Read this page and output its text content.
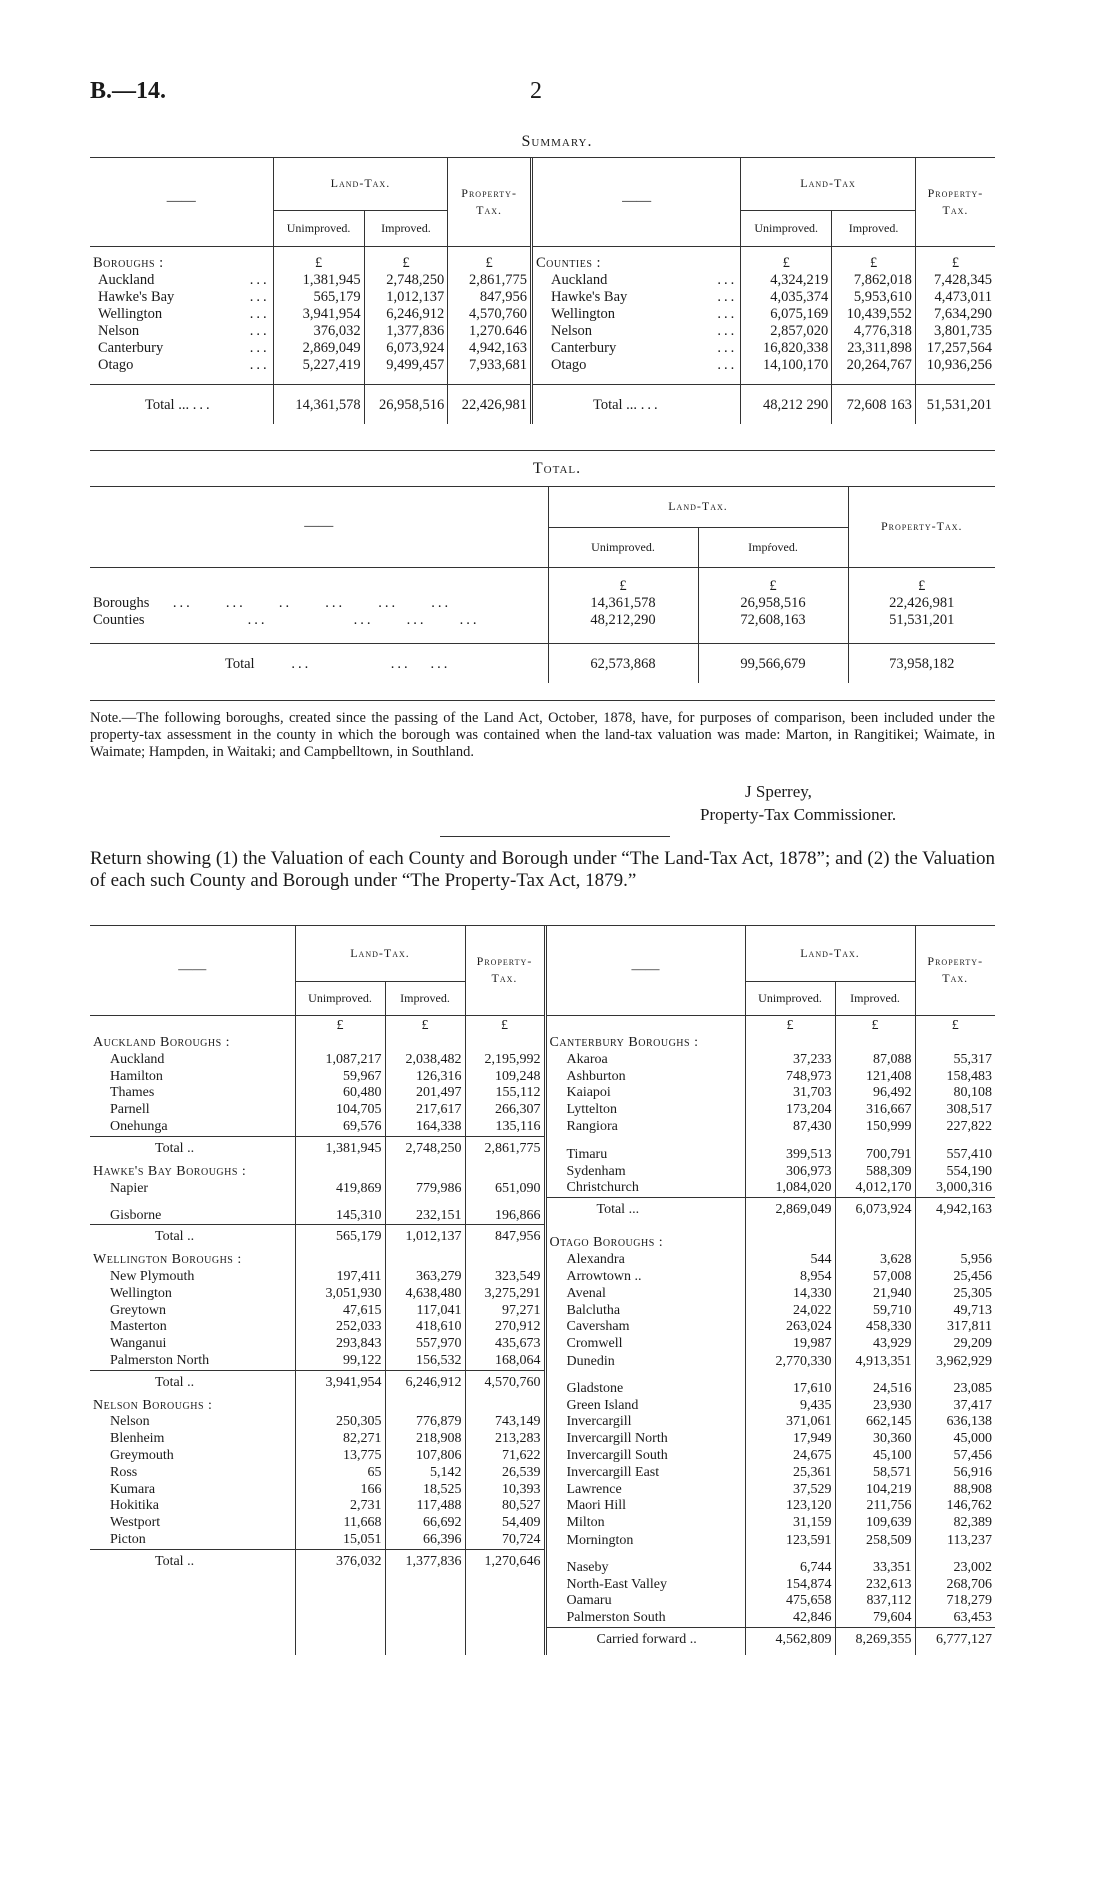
B.—14.	2
Summary.
——		Land-Tax.		Property-Tax.	——		Land-Tax		Property-Tax.
		Unimproved.	Improved.				Unimproved.	Improved.	
Boroughs :		£	£	£	Counties :		£	£	£
Auckland	...	1,381,945	2,748,250	2,861,775	Auckland	...	4,324,219	7,862,018	7,428,345
Hawke's Bay	...	565,179	1,012,137	847,956	Hawke's Bay	...	4,035,374	5,953,610	4,473,011
Wellington	...	3,941,954	6,246,912	4,570,760	Wellington	...	6,075,169	10,439,552	7,634,290
Nelson	...	376,032	1,377,836	1,270.646	Nelson	...	2,857,020	4,776,318	3,801,735
Canterbury	...	2,869,049	6,073,924	4,942,163	Canterbury	...	16,820,338	23,311,898	17,257,564
Otago	...	5,227,419	9,499,457	7,933,681	Otago	...	14,100,170	20,264,767	10,936,256

Total ... ...		14,361,578	26,958,516	22,426,981	Total ... ...		48,212 290	72,608 163	51,531,201

Total.
——	Land-Tax.		Property-Tax.
	Unimproved.	Impŕoved.	
	£	£	£
Boroughs    ...     ...     ..     ...     ...     ...	14,361,578	26,958,516	22,426,981
Counties                ...             ...     ...     ...	48,212,290	72,608,163	51,531,201

Total      ...            ...   ...	62,573,868	99,566,679	73,958,182

Note.—The following boroughs, created since the passing of the Land Act, October, 1878, have, for purposes of comparison, been included under the property-tax assessment in the county in which the borough was contained when the land-tax valuation was made: Marton, in Rangitikei; Waimate, in Waimate; Hampden, in Waitaki; and Campbelltown, in Southland.
J Sperrey,
Property-Tax Commissioner.
Return showing (1) the Valuation of each County and Borough under “The Land-Tax Act, 1878”; and (2) the Valuation of each such County and Borough under “The Property-Tax Act, 1879.”
——	Land-Tax.		Property-Tax.	——	Land-Tax.		Property-Tax.
	Unimproved.	Improved.			Unimproved.	Improved.	
	£	£	£		£	£	£
Auckland Boroughs :				Canterbury Boroughs :			
Auckland	1,087,217	2,038,482	2,195,992	Akaroa	37,233	87,088	55,317
Hamilton	59,967	126,316	109,248	Ashburton	748,973	121,408	158,483
Thames	60,480	201,497	155,112	Kaiapoi	31,703	96,492	80,108
Parnell	104,705	217,617	266,307	Lyttelton	173,204	316,667	308,517
Onehunga	69,576	164,338	135,116	Rangiora	87,430	150,999	227,822
Total ..	1,381,945	2,748,250	2,861,775	Timaru	399,513	700,791	557,410
Hawke's Bay Boroughs :				Sydenham	306,973	588,309	554,190
Napier	419,869	779,986	651,090	Christchurch	1,084,020	4,012,170	3,000,316
Gisborne	145,310	232,151	196,866	Total ...	2,869,049	6,073,924	4,942,163
Total ..	565,179	1,012,137	847,956	Otago Boroughs :			
Wellington Boroughs :				Alexandra	544	3,628	5,956
New Plymouth	197,411	363,279	323,549	Arrowtown ..	8,954	57,008	25,456
Wellington	3,051,930	4,638,480	3,275,291	Avenal	14,330	21,940	25,305
Greytown	47,615	117,041	97,271	Balclutha	24,022	59,710	49,713
Masterton	252,033	418,610	270,912	Caversham	263,024	458,330	317,811
Wanganui	293,843	557,970	435,673	Cromwell	19,987	43,929	29,209
Palmerston North	99,122	156,532	168,064	Dunedin	2,770,330	4,913,351	3,962,929
Total ..	3,941,954	6,246,912	4,570,760	Gladstone	17,610	24,516	23,085
Nelson Boroughs :				Green Island	9,435	23,930	37,417
Nelson	250,305	776,879	743,149	Invercargill	371,061	662,145	636,138
Blenheim	82,271	218,908	213,283	Invercargill North	17,949	30,360	45,000
Greymouth	13,775	107,806	71,622	Invercargill South	24,675	45,100	57,456
Ross	65	5,142	26,539	Invercargill East	25,361	58,571	56,916
Kumara	166	18,525	10,393	Lawrence	37,529	104,219	88,908
Hokitika	2,731	117,488	80,527	Maori Hill	123,120	211,756	146,762
Westport	11,668	66,692	54,409	Milton	31,159	109,639	82,389
Picton	15,051	66,396	70,724	Mornington	123,591	258,509	113,237
Total ..	376,032	1,377,836	1,270,646	Naseby	6,744	33,351	23,002
				North-East Valley	154,874	232,613	268,706
				Oamaru	475,658	837,112	718,279
				Palmerston South	42,846	79,604	63,453
				Carried forward ..	4,562,809	8,269,355	6,777,127
